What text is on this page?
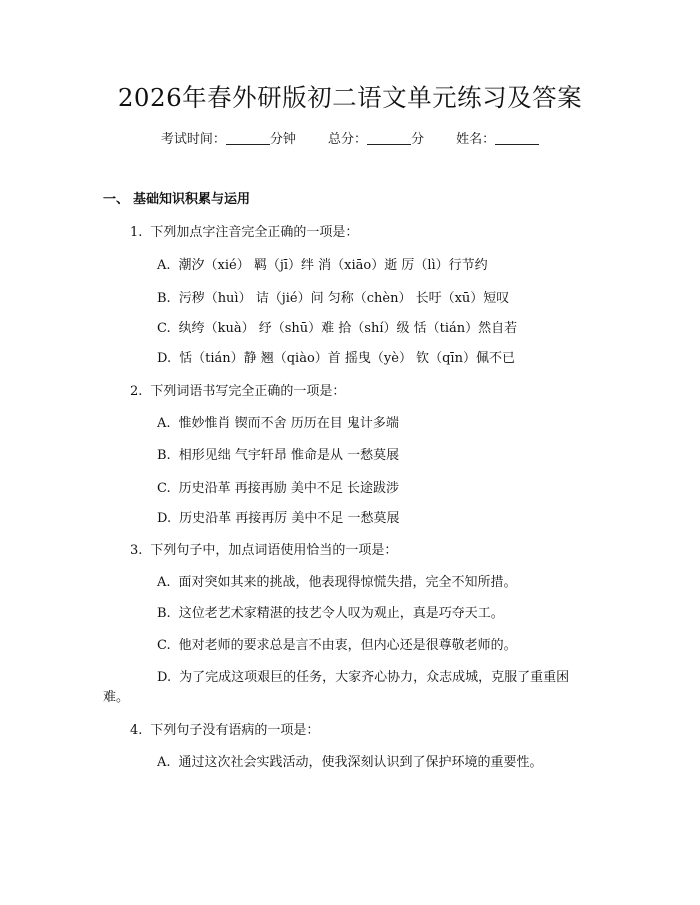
2026年春外研版初二语文单元练习及答案
考试时间：	分钟 总分：	分 姓名：
一、 基础知识积累与运用
1. 下列加点字注音完全正确的一项是：
A. 潮汐（xié） 羁（jī）绊 消（xiāo）逝 厉（lì）行节约
B. 污秽（huì） 诘（jié）问 匀称（chèn） 长吁（xū）短叹
C. 纨绔（kuà） 纾（shū）难 拾（shí）级 恬（tián）然自若
D. 恬（tián）静 翘（qiào）首 摇曳（yè） 钦（qīn）佩不已
2. 下列词语书写完全正确的一项是：
A. 惟妙惟肖 锲而不舍 历历在目 鬼计多端
B. 相形见绌 气宇轩昂 惟命是从 一愁莫展
C. 历史沿革 再接再励 美中不足 长途跋涉
D. 历史沿革 再接再厉 美中不足 一愁莫展
3. 下列句子中，加点词语使用恰当的一项是：
A. 面对突如其来的挑战，他表现得惊慌失措，完全不知所措。
B. 这位老艺术家精湛的技艺令人叹为观止，真是巧夺天工。
C. 他对老师的要求总是言不由衷，但内心还是很尊敬老师的。
D. 为了完成这项艰巨的任务，大家齐心协力，众志成城，克服了重重困
难。
4. 下列句子没有语病的一项是：
A. 通过这次社会实践活动，使我深刻认识到了保护环境的重要性。
